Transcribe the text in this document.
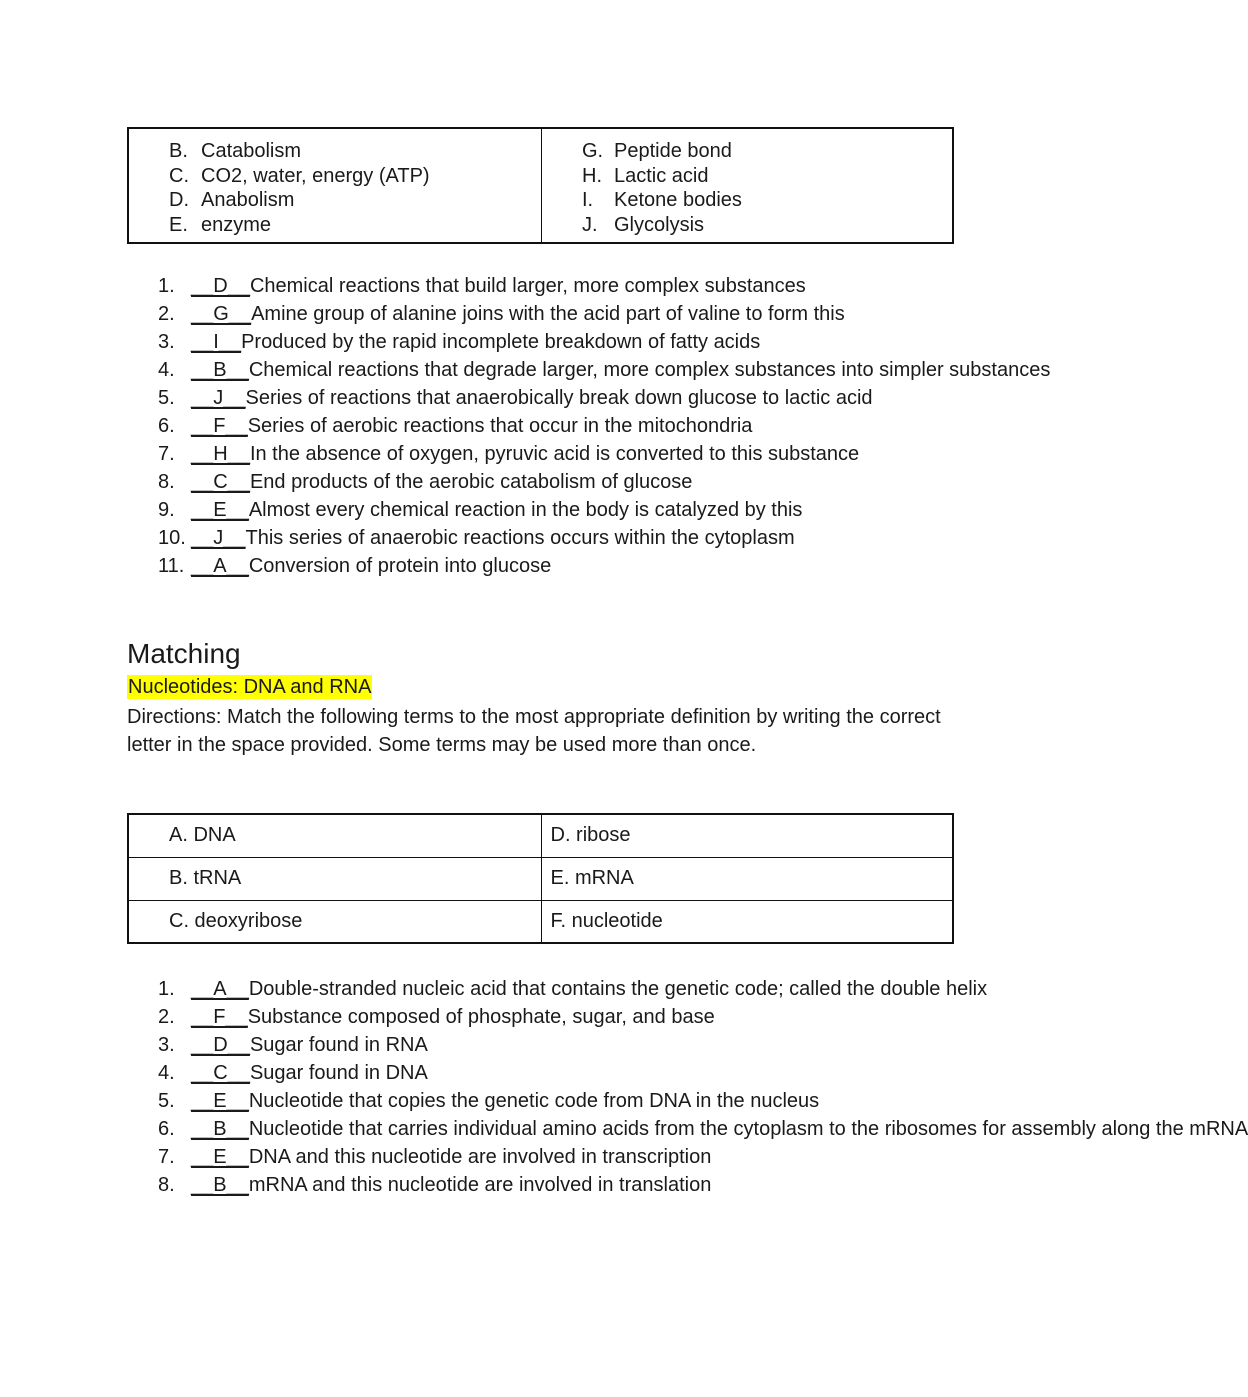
B. Catabolism
C. CO2, water, energy (ATP)
D. Anabolism
E. enzyme
G. Peptide bond
H. Lactic acid
I. Ketone bodies
J. Glycolysis
1. __D__Chemical reactions that build larger, more complex substances
2. __G__Amine group of alanine joins with the acid part of valine to form this
3. __I__Produced by the rapid incomplete breakdown of fatty acids
4. __B__Chemical reactions that degrade larger, more complex substances into simpler substances
5. __J__Series of reactions that anaerobically break down glucose to lactic acid
6. __F__Series of aerobic reactions that occur in the mitochondria
7. __H__In the absence of oxygen, pyruvic acid is converted to this substance
8. __C__End products of the aerobic catabolism of glucose
9. __E__Almost every chemical reaction in the body is catalyzed by this
10. __J__This series of anaerobic reactions occurs within the cytoplasm
11. __A__Conversion of protein into glucose
Matching
Nucleotides: DNA and RNA
Directions: Match the following terms to the most appropriate definition by writing the correct letter in the space provided. Some terms may be used more than once.
A. DNA	D. ribose
B. tRNA	E. mRNA
C. deoxyribose	F. nucleotide
1. __A__Double-stranded nucleic acid that contains the genetic code; called the double helix
2. __F__Substance composed of phosphate, sugar, and base
3. __D__Sugar found in RNA
4. __C__Sugar found in DNA
5. __E__Nucleotide that copies the genetic code from DNA in the nucleus
6. __B__Nucleotide that carries individual amino acids from the cytoplasm to the ribosomes for assembly along the mRNA
7. __E__DNA and this nucleotide are involved in transcription
8. __B__mRNA and this nucleotide are involved in translation
